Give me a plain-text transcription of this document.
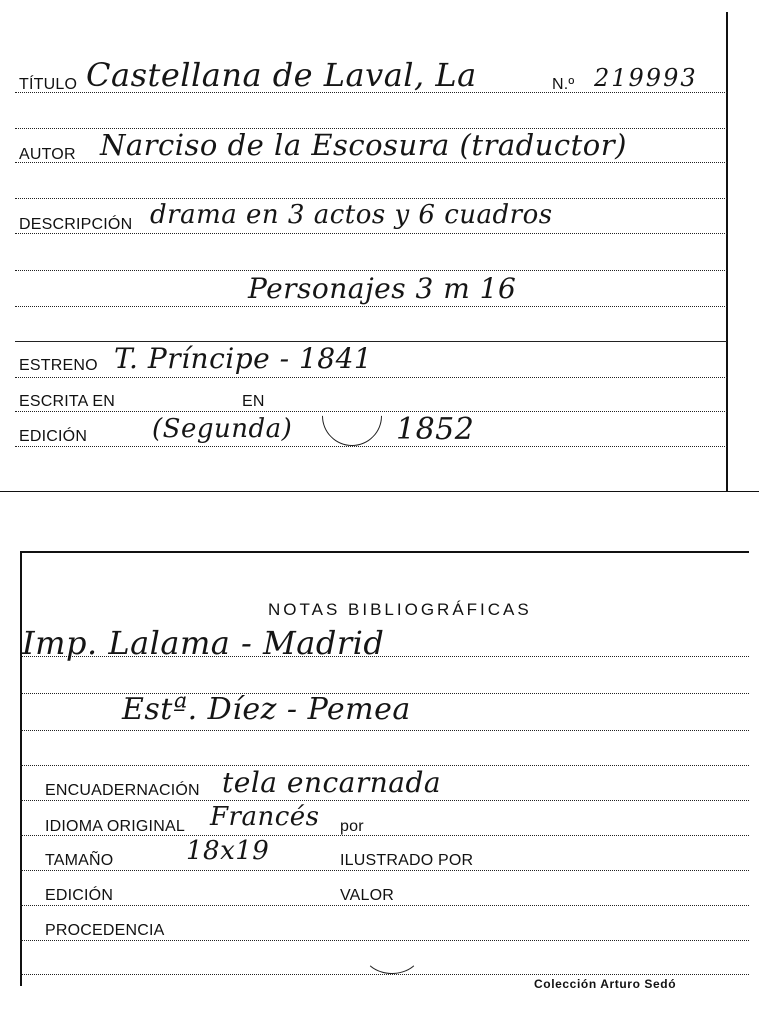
TÍTULO Castellana de Laval, La	N.º 219993
AUTOR Narciso de la Escosura (traductor)
DESCRIPCIÓN drama en 3 actos y 6 cuadros
Personajes 3 m 16
ESTRENO T. Príncipe - 1841
ESCRITA EN	EN
EDICIÓN (Segunda)	1852
NOTAS BIBLIOGRÁFICAS
Imp. Lalama - Madrid
Estª. Díez - Pemea
ENCUADERNACIÓN tela encarnada
IDIOMA ORIGINAL Francés por
TAMAÑO	18x19	ILUSTRADO POR
EDICIÓN	VALOR
PROCEDENCIA
Colección Arturo Sedó
